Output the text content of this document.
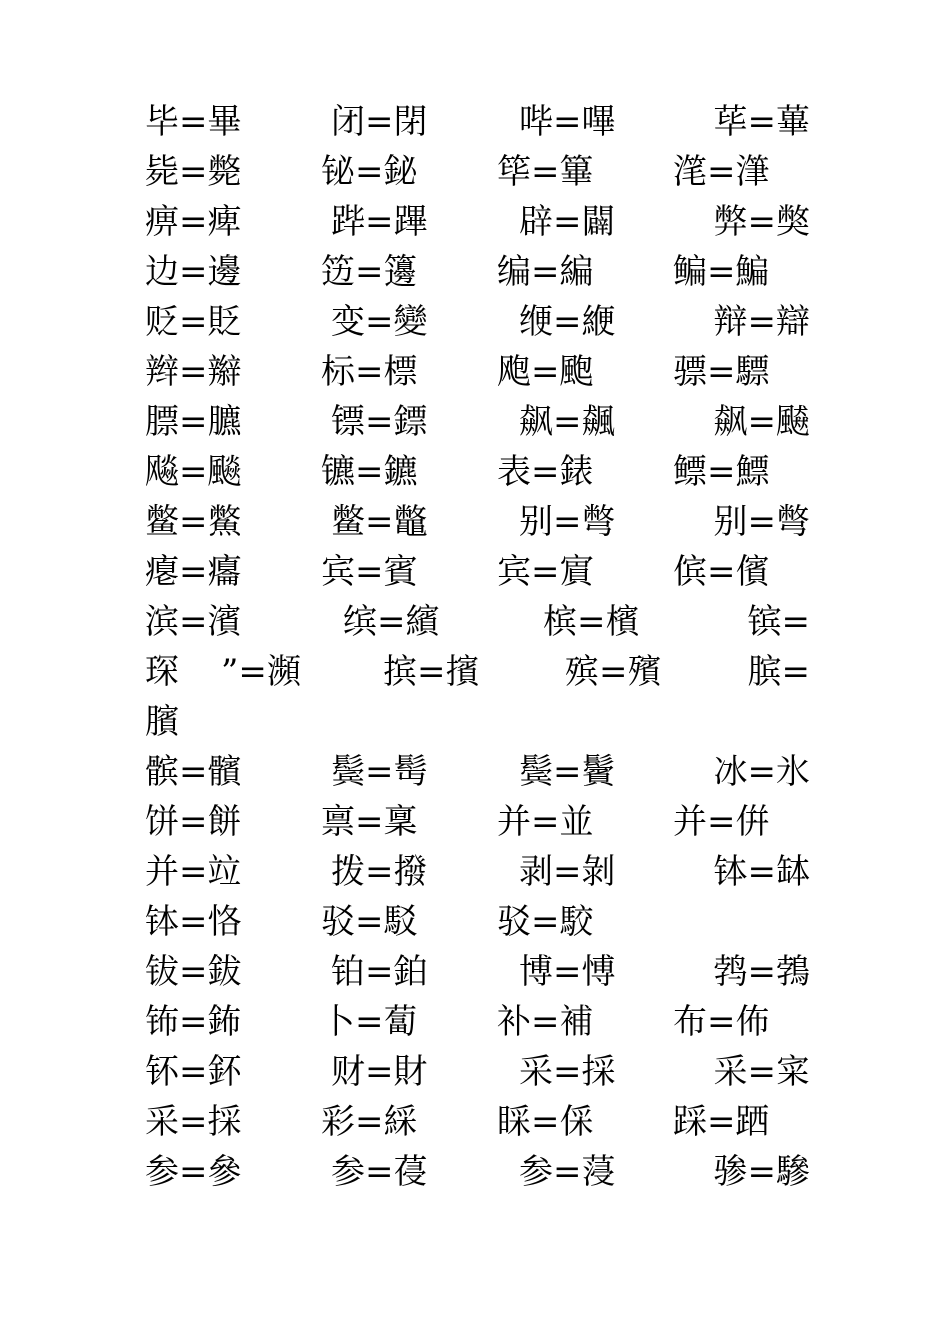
毕=畢	闭=閉	哔=嗶	荜=蓽
毙=斃 铋=鉍 筚=篳 滗=潷
痹=痺	跸=蹕	辟=闢	弊=獘
边=邊 笾=籩 编=編 鳊=鯿
贬=貶	变=變	缏=緶	辩=辯
辫=辮 标=標 飑=颮 骠=驃
膘=臕	镖=鏢	飙=飆	飙=飇
飚=飈 镳=鑣 表=錶 鳔=鰾
鳖=鱉	鳖=鼈	别=彆	别=彆
瘪=癟 宾=賓 宾=賔 傧=儐
滨=濱	缤=繽	槟=檳	镔=
琛 ”=瀕 摈=擯	殡=殯	膑=
臏
髌=髕	鬓=髩	鬓=鬢	冰=氷
饼=餅 禀=稟 并=並 并=倂
并=竝	拨=撥	剥=剝	钵=缽
钵=恪 驳=駁 驳=駮
钹=鈸	铂=鉑	博=愽	鹁=鵓
钸=鈽 卜=蔔 补=補 布=佈
钚=鈈	财=財	采=採	采=寀
采=採 彩=綵 睬=倸 踩=跴
参=參	参=葠	参=蓡	骖=驂
